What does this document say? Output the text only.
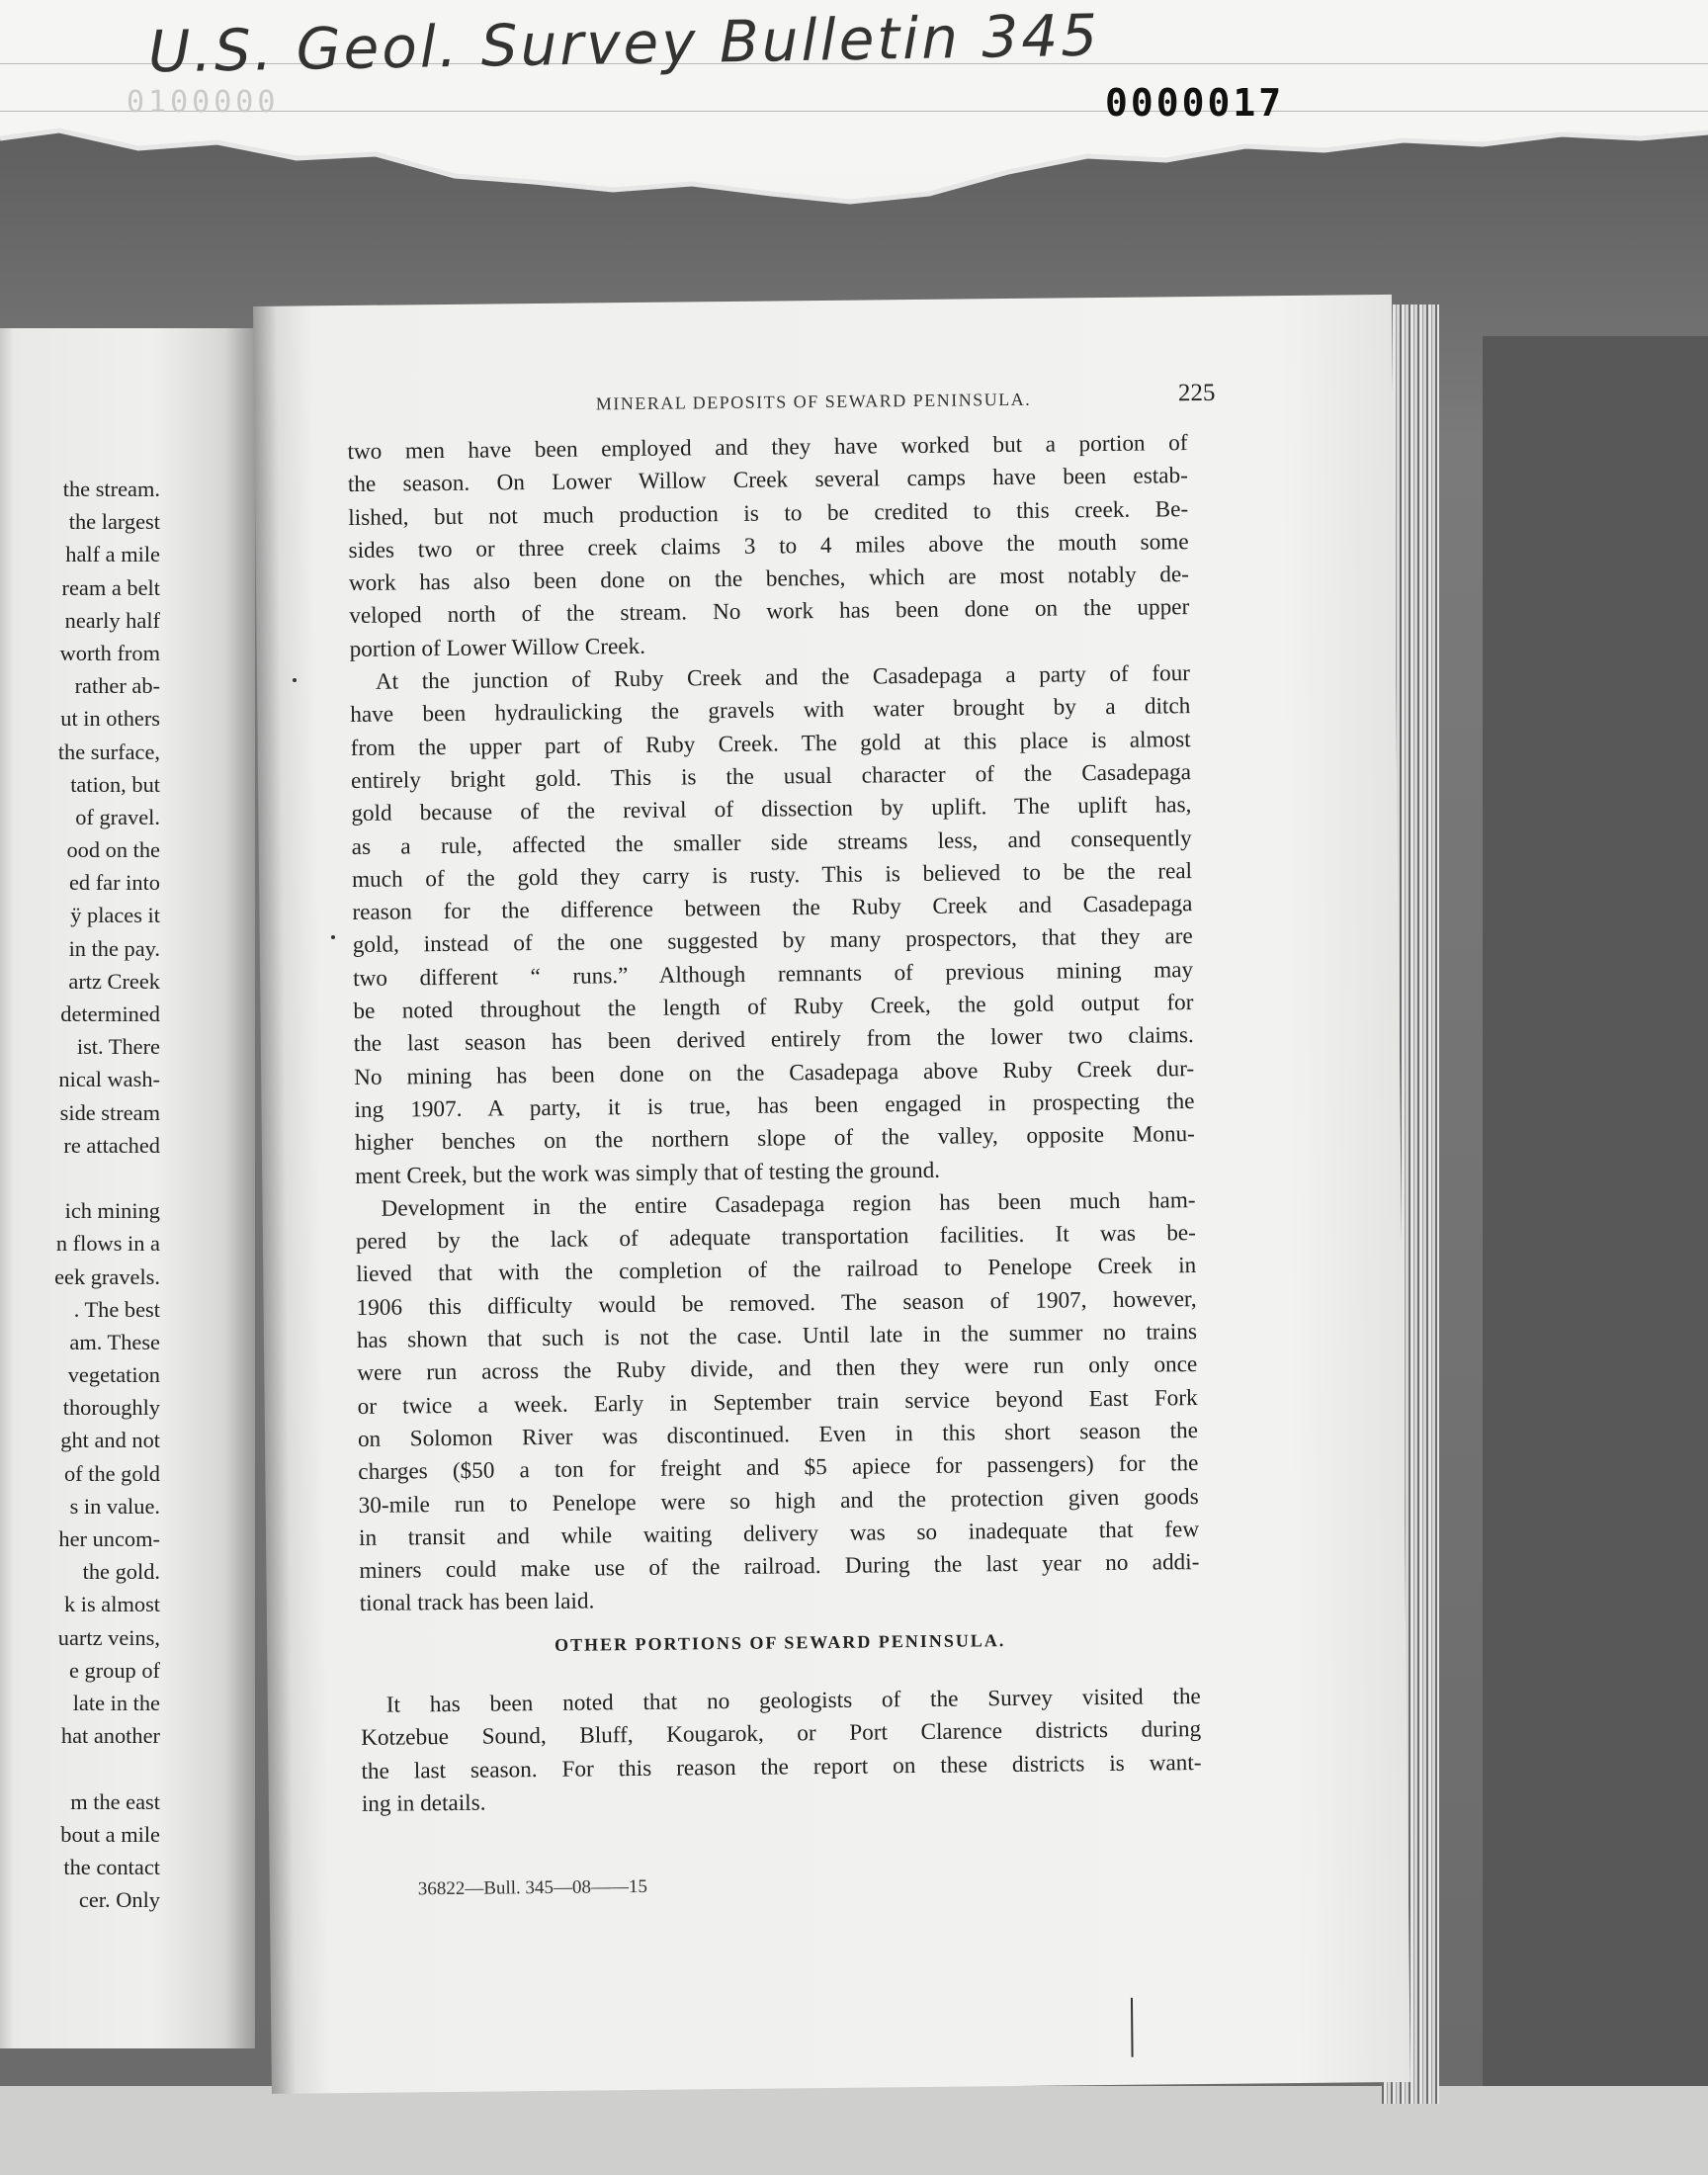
U.S. Geol. Survey Bulletin 345
0100000	0000017
the stream.
the largest
half a mile
ream a belt
nearly half
worth from
rather ab-
ut in others
the surface,
tation, but
of gravel.
ood on the
ed far into
ÿ places it
in the pay.
artz Creek
determined
ist. There
nical wash-
side stream
re attached
ich mining
n flows in a
eek gravels.
. The best
am. These
vegetation
thoroughly
ght and not
of the gold
s in value.
her uncom-
the gold.
k is almost
uartz veins,
e group of
late in the
hat another
m the east
bout a mile
the contact
cer. Only
MINERAL DEPOSITS OF SEWARD PENINSULA.	225
two men have been employed and they have worked but a portion of
the season. On Lower Willow Creek several camps have been estab-
lished, but not much production is to be credited to this creek. Be-
sides two or three creek claims 3 to 4 miles above the mouth some
work has also been done on the benches, which are most notably de-
veloped north of the stream. No work has been done on the upper
portion of Lower Willow Creek.
At the junction of Ruby Creek and the Casadepaga a party of four
have been hydraulicking the gravels with water brought by a ditch
from the upper part of Ruby Creek. The gold at this place is almost
entirely bright gold. This is the usual character of the Casadepaga
gold because of the revival of dissection by uplift. The uplift has,
as a rule, affected the smaller side streams less, and consequently
much of the gold they carry is rusty. This is believed to be the real
reason for the difference between the Ruby Creek and Casadepaga
gold, instead of the one suggested by many prospectors, that they are
two different “ runs.” Although remnants of previous mining may
be noted throughout the length of Ruby Creek, the gold output for
the last season has been derived entirely from the lower two claims.
No mining has been done on the Casadepaga above Ruby Creek dur-
ing 1907. A party, it is true, has been engaged in prospecting the
higher benches on the northern slope of the valley, opposite Monu-
ment Creek, but the work was simply that of testing the ground.
Development in the entire Casadepaga region has been much ham-
pered by the lack of adequate transportation facilities. It was be-
lieved that with the completion of the railroad to Penelope Creek in
1906 this difficulty would be removed. The season of 1907, however,
has shown that such is not the case. Until late in the summer no trains
were run across the Ruby divide, and then they were run only once
or twice a week. Early in September train service beyond East Fork
on Solomon River was discontinued. Even in this short season the
charges ($50 a ton for freight and $5 apiece for passengers) for the
30-mile run to Penelope were so high and the protection given goods
in transit and while waiting delivery was so inadequate that few
miners could make use of the railroad. During the last year no addi-
tional track has been laid.
OTHER PORTIONS OF SEWARD PENINSULA.
It has been noted that no geologists of the Survey visited the
Kotzebue Sound, Bluff, Kougarok, or Port Clarence districts during
the last season. For this reason the report on these districts is want-
ing in details.
36822—Bull. 345—08——15
